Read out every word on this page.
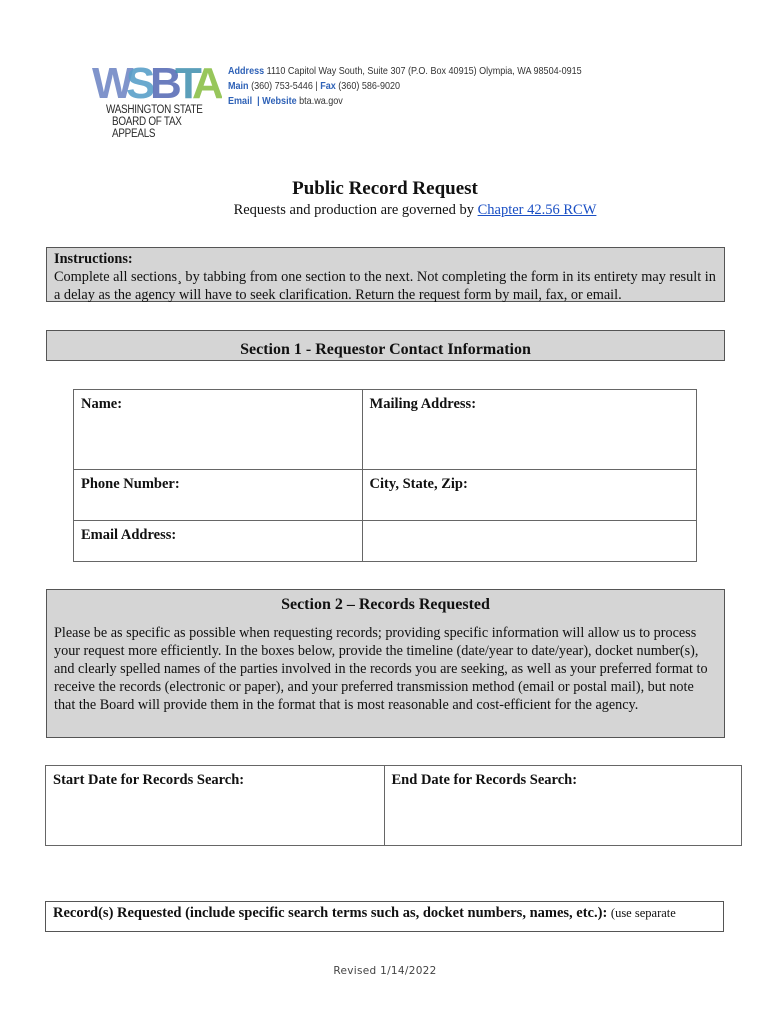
W
S
B
T
A
WASHINGTON STATE
BOARD OF TAX APPEALS
Address 1110 Capitol Way South, Suite 307 (P.O. Box 40915) Olympia, WA 98504-0915
Main (360) 753-5446 | Fax (360) 586-9020
Email | Website bta.wa.gov
Public Record Request
Requests and production are governed by Chapter 42.56 RCW
Instructions:
Complete all sections¸ by tabbing from one section to the next. Not completing the form in its entirety may result in a delay as the agency will have to seek clarification. Return the request form by mail, fax, or email.
Section 1 - Requestor Contact Information
Name:	Mailing Address:
Phone Number:	City, State, Zip:
Email Address:	
Section 2 – Records Requested
Please be as specific as possible when requesting records; providing specific information will allow us to process your request more efficiently. In the boxes below, provide the timeline (date/year to date/year), docket number(s), and clearly spelled names of the parties involved in the records you are seeking, as well as your preferred format to receive the records (electronic or paper), and your preferred transmission method (email or postal mail), but note that the Board will provide them in the format that is most reasonable and cost-efficient for the agency.
Start Date for Records Search:	End Date for Records Search:
Record(s) Requested (include specific search terms such as, docket numbers, names, etc.): (use separate
Revised 1/14/2022
